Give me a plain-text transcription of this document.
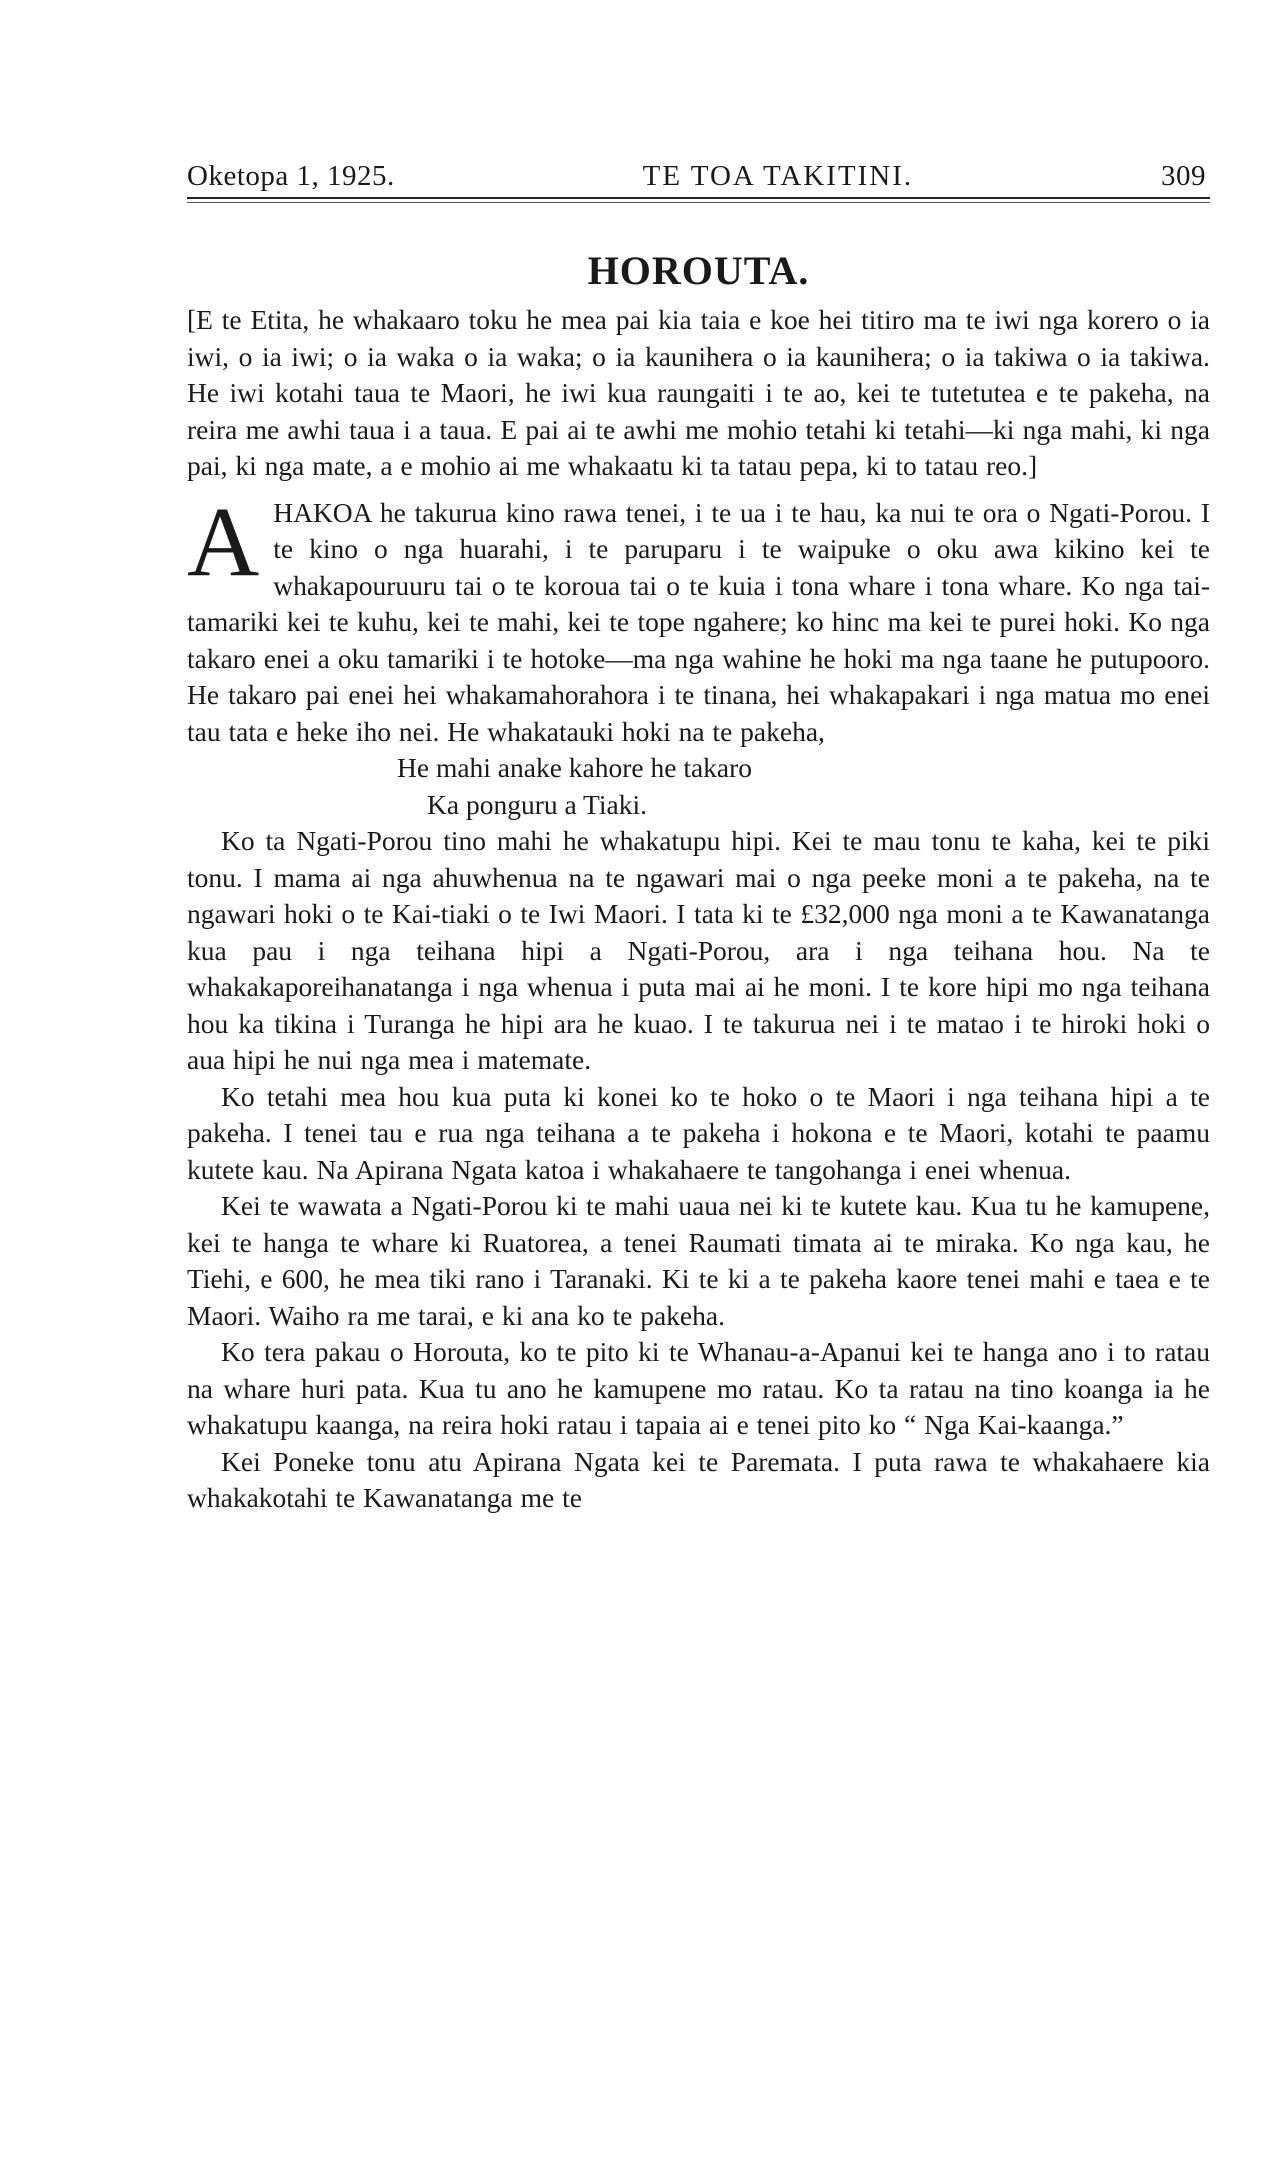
Oketopa 1, 1925.	TE TOA TAKITINI.	309
HOROUTA.

[E te Etita, he whakaaro toku he mea pai kia taia e koe hei titiro ma te iwi nga korero o ia iwi, o ia iwi; o ia waka o ia waka; o ia kaunihera o ia kaunihera; o ia takiwa o ia takiwa. He iwi kotahi taua te Maori, he iwi kua raungaiti i te ao, kei te tutetutea e te pakeha, na reira me awhi taua i a taua. E pai ai te awhi me mohio tetahi ki tetahi—ki nga mahi, ki nga pai, ki nga mate, a e mohio ai me whakaatu ki ta tatau pepa, ki to tatau reo.]

AHAKOA he takurua kino rawa tenei, i te ua i te hau, ka nui te ora o Ngati-Porou. I te kino o nga huarahi, i te paruparu i te waipuke o oku awa kikino kei te whakapouruuru tai o te koroua tai o te kuia i tona whare i tona whare. Ko nga tai-tamariki kei te kuhu, kei te mahi, kei te tope ngahere; ko hinc ma kei te purei hoki. Ko nga takaro enei a oku tamariki i te hotoke—ma nga wahine he hoki ma nga taane he putupooro. He takaro pai enei hei whakamahorahora i te tinana, hei whakapakari i nga matua mo enei tau tata e heke iho nei. He whakatauki hoki na te pakeha,

He mahi anake kahore he takaro

Ka ponguru a Tiaki.

Ko ta Ngati-Porou tino mahi he whakatupu hipi. Kei te mau tonu te kaha, kei te piki tonu. I mama ai nga ahuwhenua na te ngawari mai o nga peeke moni a te pakeha, na te ngawari hoki o te Kai-tiaki o te Iwi Maori. I tata ki te £32,000 nga moni a te Kawanatanga kua pau i nga teihana hipi a Ngati-Porou, ara i nga teihana hou. Na te whakakaporeihanatanga i nga whenua i puta mai ai he moni. I te kore hipi mo nga teihana hou ka tikina i Turanga he hipi ara he kuao. I te takurua nei i te matao i te hiroki hoki o aua hipi he nui nga mea i matemate.

Ko tetahi mea hou kua puta ki konei ko te hoko o te Maori i nga teihana hipi a te pakeha. I tenei tau e rua nga teihana a te pakeha i hokona e te Maori, kotahi te paamu kutete kau. Na Apirana Ngata katoa i whakahaere te tangohanga i enei whenua.

Kei te wawata a Ngati-Porou ki te mahi uaua nei ki te kutete kau. Kua tu he kamupene, kei te hanga te whare ki Ruatorea, a tenei Raumati timata ai te miraka. Ko nga kau, he Tiehi, e 600, he mea tiki rano i Taranaki. Ki te ki a te pakeha kaore tenei mahi e taea e te Maori. Waiho ra me tarai, e ki ana ko te pakeha.

Ko tera pakau o Horouta, ko te pito ki te Whanau-a-Apanui kei te hanga ano i to ratau na whare huri pata. Kua tu ano he kamupene mo ratau. Ko ta ratau na tino koanga ia he whakatupu kaanga, na reira hoki ratau i tapaia ai e tenei pito ko “ Nga Kai-kaanga.”

Kei Poneke tonu atu Apirana Ngata kei te Paremata. I puta rawa te whakahaere kia whakakotahi te Kawanatanga me te
